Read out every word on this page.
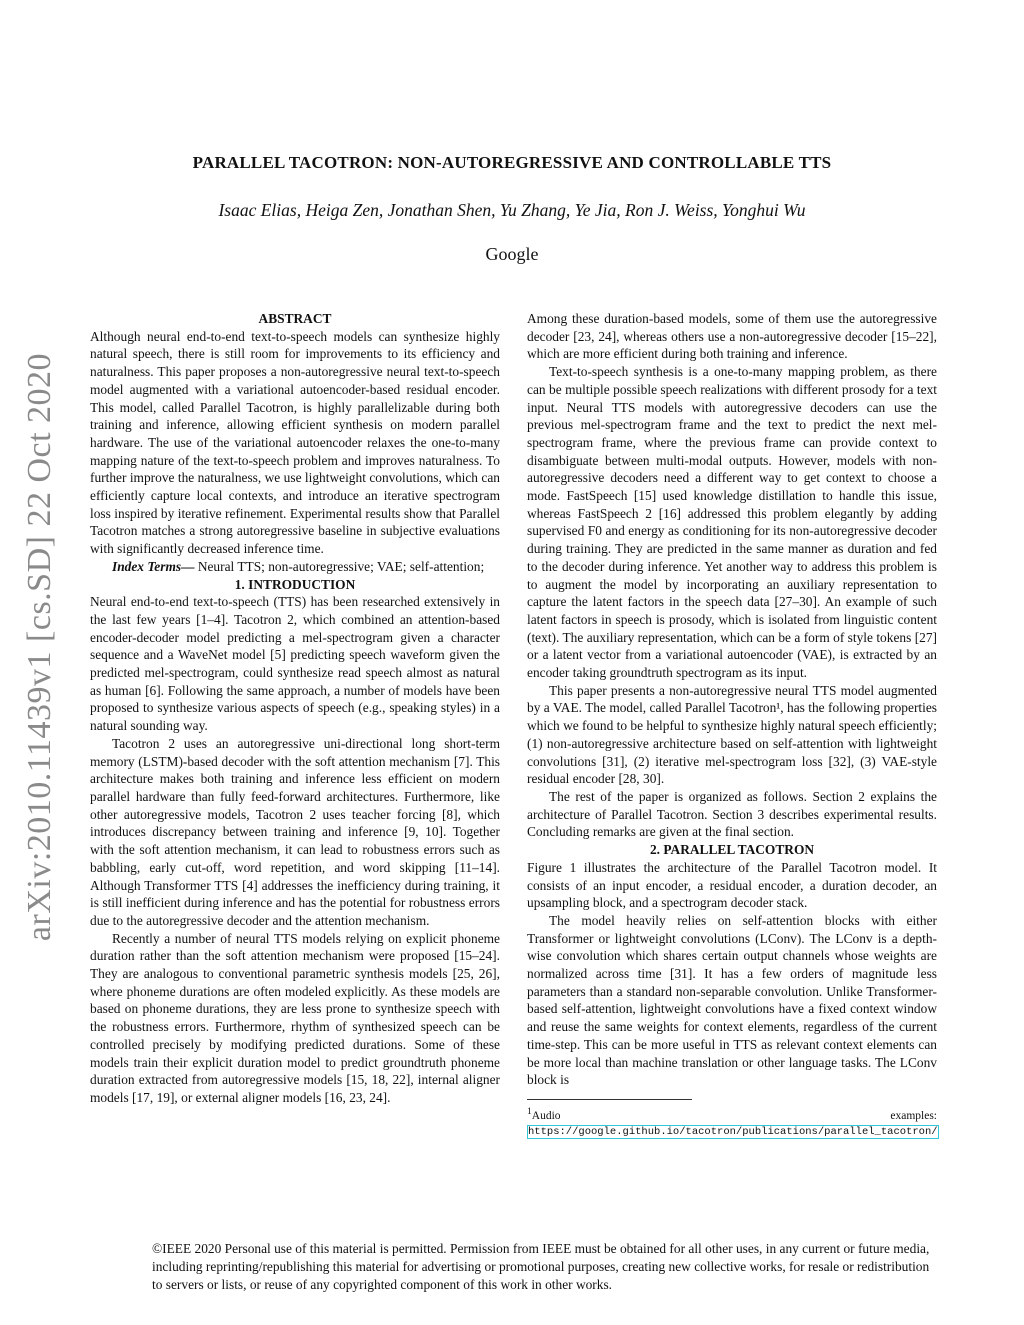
arXiv:2010.11439v1 [cs.SD] 22 Oct 2020
PARALLEL TACOTRON: NON-AUTOREGRESSIVE AND CONTROLLABLE TTS
Isaac Elias, Heiga Zen, Jonathan Shen, Yu Zhang, Ye Jia, Ron J. Weiss, Yonghui Wu
Google

ABSTRACT

Although neural end-to-end text-to-speech models can synthesize highly natural speech, there is still room for improvements to its efficiency and naturalness. This paper proposes a non-autoregressive neural text-to-speech model augmented with a variational autoencoder-based residual encoder. This model, called Parallel Tacotron, is highly parallelizable during both training and inference, allowing efficient synthesis on modern parallel hardware. The use of the variational autoencoder relaxes the one-to-many mapping nature of the text-to-speech problem and improves naturalness. To further improve the naturalness, we use lightweight convolutions, which can efficiently capture local contexts, and introduce an iterative spectrogram loss inspired by iterative refinement. Experimental results show that Parallel Tacotron matches a strong autoregressive baseline in subjective evaluations with significantly decreased inference time.

Index Terms— Neural TTS; non-autoregressive; VAE; self-attention;

1. INTRODUCTION

Neural end-to-end text-to-speech (TTS) has been researched extensively in the last few years [1–4]. Tacotron 2, which combined an attention-based encoder-decoder model predicting a mel-spectrogram given a character sequence and a WaveNet model [5] predicting speech waveform given the predicted mel-spectrogram, could synthesize read speech almost as natural as human [6]. Following the same approach, a number of models have been proposed to synthesize various aspects of speech (e.g., speaking styles) in a natural sounding way.

Tacotron 2 uses an autoregressive uni-directional long short-term memory (LSTM)-based decoder with the soft attention mechanism [7]. This architecture makes both training and inference less efficient on modern parallel hardware than fully feed-forward architectures. Furthermore, like other autoregressive models, Tacotron 2 uses teacher forcing [8], which introduces discrepancy between training and inference [9, 10]. Together with the soft attention mechanism, it can lead to robustness errors such as babbling, early cut-off, word repetition, and word skipping [11–14]. Although Transformer TTS [4] addresses the inefficiency during training, it is still inefficient during inference and has the potential for robustness errors due to the autoregressive decoder and the attention mechanism.

Recently a number of neural TTS models relying on explicit phoneme duration rather than the soft attention mechanism were proposed [15–24]. They are analogous to conventional parametric synthesis models [25, 26], where phoneme durations are often modeled explicitly. As these models are based on phoneme durations, they are less prone to synthesize speech with the robustness errors. Furthermore, rhythm of synthesized speech can be controlled precisely by modifying predicted durations. Some of these models train their explicit duration model to predict groundtruth phoneme duration extracted from autoregressive models [15, 18, 22], internal aligner models [17, 19], or external aligner models [16, 23, 24].

Among these duration-based models, some of them use the autoregressive decoder [23, 24], whereas others use a non-autoregressive decoder [15–22], which are more efficient during both training and inference.

Text-to-speech synthesis is a one-to-many mapping problem, as there can be multiple possible speech realizations with different prosody for a text input. Neural TTS models with autoregressive decoders can use the previous mel-spectrogram frame and the text to predict the next mel-spectrogram frame, where the previous frame can provide context to disambiguate between multi-modal outputs. However, models with non-autoregressive decoders need a different way to get context to choose a mode. FastSpeech [15] used knowledge distillation to handle this issue, whereas FastSpeech 2 [16] addressed this problem elegantly by adding supervised F0 and energy as conditioning for its non-autoregressive decoder during training. They are predicted in the same manner as duration and fed to the decoder during inference. Yet another way to address this problem is to augment the model by incorporating an auxiliary representation to capture the latent factors in the speech data [27–30]. An example of such latent factors in speech is prosody, which is isolated from linguistic content (text). The auxiliary representation, which can be a form of style tokens [27] or a latent vector from a variational autoencoder (VAE), is extracted by an encoder taking groundtruth spectrogram as its input.

This paper presents a non-autoregressive neural TTS model augmented by a VAE. The model, called Parallel Tacotron¹, has the following properties which we found to be helpful to synthesize highly natural speech efficiently; (1) non-autoregressive architecture based on self-attention with lightweight convolutions [31], (2) iterative mel-spectrogram loss [32], (3) VAE-style residual encoder [28, 30].

The rest of the paper is organized as follows. Section 2 explains the architecture of Parallel Tacotron. Section 3 describes experimental results. Concluding remarks are given at the final section.

2. PARALLEL TACOTRON

Figure 1 illustrates the architecture of the Parallel Tacotron model. It consists of an input encoder, a residual encoder, a duration decoder, an upsampling block, and a spectrogram decoder stack.

The model heavily relies on self-attention blocks with either Transformer or lightweight convolutions (LConv). The LConv is a depth-wise convolution which shares certain output channels whose weights are normalized across time [31]. It has a few orders of magnitude less parameters than a standard non-separable convolution. Unlike Transformer-based self-attention, lightweight convolutions have a fixed context window and reuse the same weights for context elements, regardless of the current time-step. This can be more useful in TTS as relevant context elements can be more local than machine translation or other language tasks. The LConv block is

$^1$Audio examples: https://google.github.io/tacotron/publications/parallel_tacotron/

©IEEE 2020 Personal use of this material is permitted. Permission from IEEE must be obtained for all other uses, in any current or future media, including reprinting/republishing this material for advertising or promotional purposes, creating new collective works, for resale or redistribution to servers or lists, or reuse of any copyrighted component of this work in other works.
